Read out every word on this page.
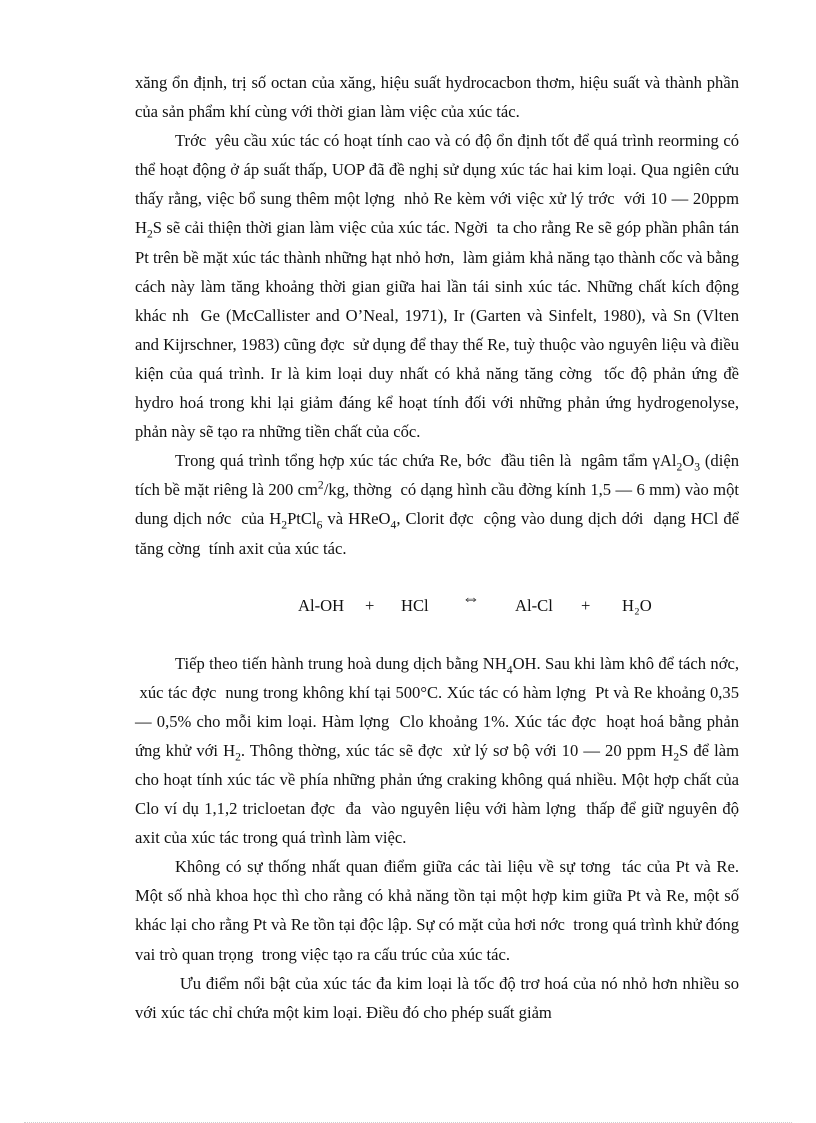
xăng ổn định, trị số octan của xăng, hiệu suất hydrocacbon thơm, hiệu suất và thành phần của sản phẩm khí cùng với thời gian làm việc của xúc tác.

Trớc  yêu cầu xúc tác có hoạt tính cao và có độ ổn định tốt để quá trình reorming có thể hoạt động ở áp suất thấp, UOP đã đề nghị sử dụng xúc tác hai kim loại. Qua ngiên cứu thấy rằng, việc bổ sung thêm một lợng  nhỏ Re kèm với việc xử lý trớc  với 10 — 20ppm $H_2S$ sẽ cải thiện thời gian làm việc của xúc tác. Ngời  ta cho rằng Re sẽ góp phần phân tán Pt trên bề mặt xúc tác thành những hạt nhỏ hơn,  làm giảm khả năng tạo thành cốc và bằng cách này làm tăng khoảng thời gian giữa hai lần tái sinh xúc tác. Những chất kích động khác nh  Ge (McCallister and O’Neal, 1971), Ir (Garten và Sinfelt, 1980), và Sn (Vlten and Kijrschner, 1983) cũng đợc  sử dụng để thay thế Re, tuỳ thuộc vào nguyên liệu và điều kiện của quá trình. Ir là kim loại duy nhất có khả năng tăng cờng  tốc độ phản ứng đề hydro hoá trong khi lại giảm đáng kể hoạt tính đối với những phản ứng hydrogenolyse, phản này sẽ tạo ra những tiền chất của cốc.

Trong quá trình tổng hợp xúc tác chứa Re, bớc  đầu tiên là  ngâm tẩm $\gamma Al_2O_3$ (diện tích bề mặt riêng là 200 $cm^2/kg$, thờng  có dạng hình cầu đờng kính 1,5 — 6 mm) vào một dung dịch nớc  của $H_2PtCl_6$ và HReO$_4$, Clorit đợc  cộng vào dung dịch dới  dạng HCl để tăng cờng  tính axit của xúc tác.

Al-OH + HCl ⇔ Al-Cl + H₂O

Tiếp theo tiến hành trung hoà dung dịch bằng $NH_4OH$. Sau khi làm khô để tách nớc,  xúc tác đợc  nung trong không khí tại 500°C. Xúc tác có hàm lợng  Pt và Re khoảng 0,35 — 0,5% cho mỗi kim loại. Hàm lợng  Clo khoảng 1%. Xúc tác đợc  hoạt hoá bằng phản ứng khử với $H_2$. Thông thờng, xúc tác sẽ đợc  xử lý sơ bộ với 10 — 20 ppm $H_2S$ để làm cho hoạt tính xúc tác về phía những phản ứng craking không quá nhiều. Một hợp chất của Clo ví dụ 1,1,2 tricloetan đợc  đa  vào nguyên liệu với hàm lợng  thấp để giữ nguyên độ axit của xúc tác trong quá trình làm việc.

Không có sự thống nhất quan điểm giữa các tài liệu về sự tơng  tác của Pt và Re. Một số nhà khoa học thì cho rằng có khả năng tồn tại một hợp kim giữa Pt và Re, một số khác lại cho rằng Pt và Re tồn tại độc lập. Sự có mặt của hơi nớc  trong quá trình khử đóng vai trò quan trọng  trong việc tạo ra cấu trúc của xúc tác.

Ưu điểm nổi bật của xúc tác đa kim loại là tốc độ trơ hoá của nó nhỏ hơn nhiều so với xúc tác chỉ chứa một kim loại. Điều đó cho phép suất giảm
